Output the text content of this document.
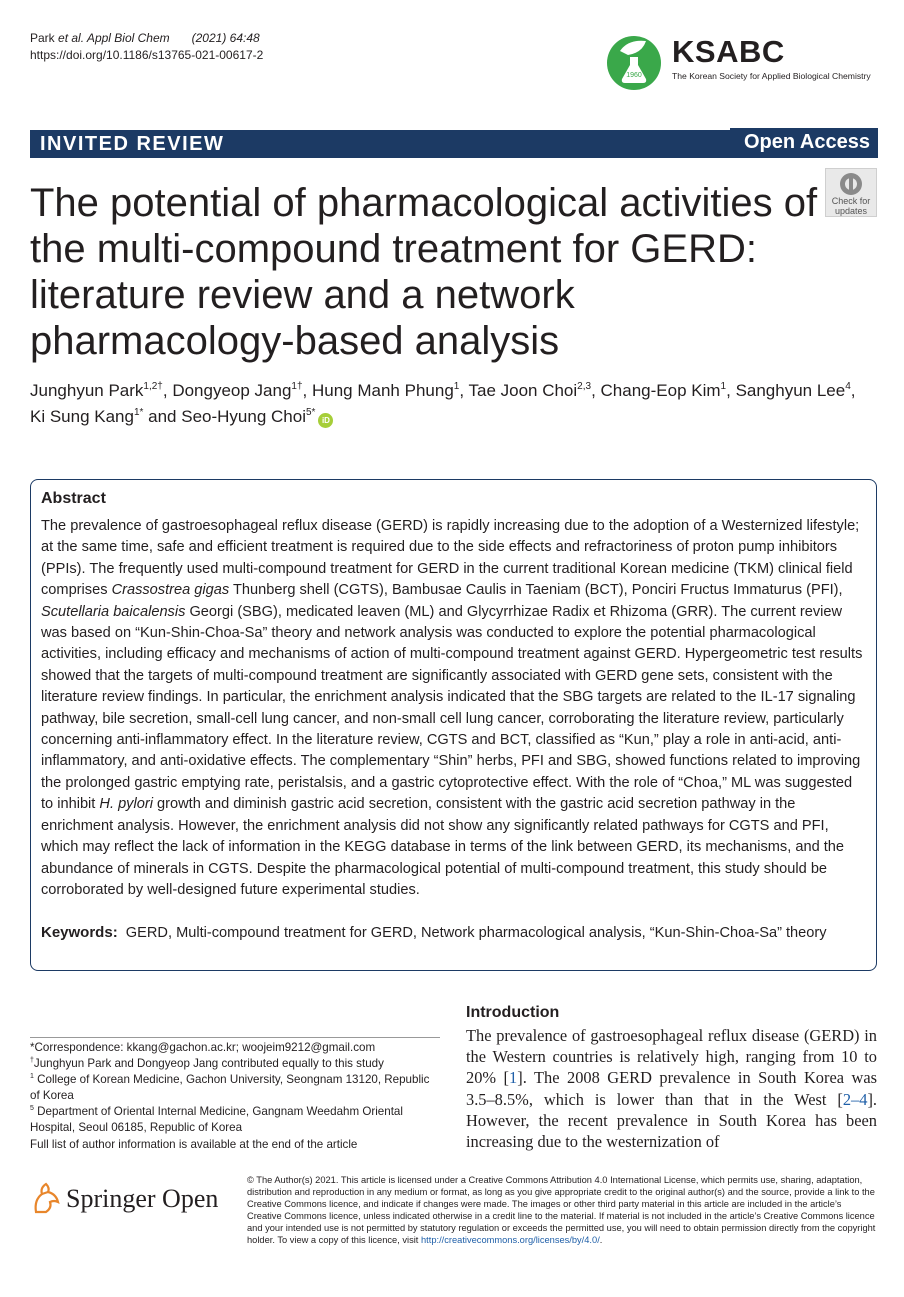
Park et al. Appl Biol Chem (2021) 64:48
https://doi.org/10.1186/s13765-021-00617-2
1960
KSABC
The Korean Society for Applied Biological Chemistry
INVITED REVIEW	Open Access
Check for
updates
The potential of pharmacological activities of the multi-compound treatment for GERD: literature review and a network pharmacology-based analysis
Junghyun Park$^{1,2\dagger}$, Dongyeop Jang$^{1\dagger}$, Hung Manh Phung$^1$, Tae Joon Choi$^{2,3}$, Chang‑Eop Kim$^1$, Sanghyun Lee$^4$,
Ki Sung Kang$^{1*}$ and Seo‑Hyung Choi$^{5*}$iD
Abstract
The prevalence of gastroesophageal reflux disease (GERD) is rapidly increasing due to the adoption of a Westernized lifestyle; at the same time, safe and efficient treatment is required due to the side effects and refractoriness of proton pump inhibitors (PPIs). The frequently used multi-compound treatment for GERD in the current traditional Korean medicine (TKM) clinical field comprises Crassostrea gigas Thunberg shell (CGTS), Bambusae Caulis in Taeniam (BCT), Ponciri Fructus Immaturus (PFI), Scutellaria baicalensis Georgi (SBG), medicated leaven (ML) and Glycyrrhizae Radix et Rhizoma (GRR). The current review was based on “Kun-Shin-Choa-Sa” theory and network analysis was conducted to explore the potential pharmacological activities, including efficacy and mechanisms of action of multi-compound treatment against GERD. Hypergeometric test results showed that the targets of multi-compound treatment are significantly associated with GERD gene sets, consistent with the literature review findings. In particular, the enrichment analysis indicated that the SBG targets are related to the IL-17 signaling pathway, bile secretion, small-cell lung cancer, and non-small cell lung cancer, corroborating the literature review, particularly concerning anti-inflammatory effect. In the literature review, CGTS and BCT, classified as “Kun,” play a role in anti-acid, anti-inflammatory, and anti-oxidative effects. The complementary “Shin” herbs, PFI and SBG, showed functions related to improving the prolonged gastric emptying rate, peristalsis, and a gastric cytoprotective effect. With the role of “Choa,” ML was suggested to inhibit H. pylori growth and diminish gastric acid secretion, consistent with the gastric acid secretion pathway in the enrichment analysis. However, the enrichment analysis did not show any significantly related pathways for CGTS and PFI, which may reflect the lack of information in the KEGG database in terms of the link between GERD, its mechanisms, and the abundance of minerals in CGTS. Despite the pharmacological potential of multi-compound treatment, this study should be corroborated by well-designed future experimental studies.
Keywords: GERD, Multi-compound treatment for GERD, Network pharmacological analysis, “Kun-Shin-Choa-Sa” theory
*Correspondence: kkang@gachon.ac.kr; woojeim9212@gmail.com
†Junghyun Park and Dongyeop Jang contributed equally to this study
$^1$ College of Korean Medicine, Gachon University, Seongnam 13120, Republic of Korea
$^5$ Department of Oriental Internal Medicine, Gangnam Weedahm Oriental Hospital, Seoul 06185, Republic of Korea
Full list of author information is available at the end of the article
Introduction
The prevalence of gastroesophageal reflux disease (GERD) in the Western countries is relatively high, ranging from 10 to 20% [1]. The 2008 GERD prevalence in South Korea was 3.5–8.5%, which is lower than that in the West [2–4]. However, the recent prevalence in South Korea has been increasing due to the westernization of
Springer Open
© The Author(s) 2021. This article is licensed under a Creative Commons Attribution 4.0 International License, which permits use, sharing, adaptation, distribution and reproduction in any medium or format, as long as you give appropriate credit to the original author(s) and the source, provide a link to the Creative Commons licence, and indicate if changes were made. The images or other third party material in this article are included in the article’s Creative Commons licence, unless indicated otherwise in a credit line to the material. If material is not included in the article’s Creative Commons licence and your intended use is not permitted by statutory regulation or exceeds the permitted use, you will need to obtain permission directly from the copyright holder. To view a copy of this licence, visit http://creativecommons.org/licenses/by/4.0/.
